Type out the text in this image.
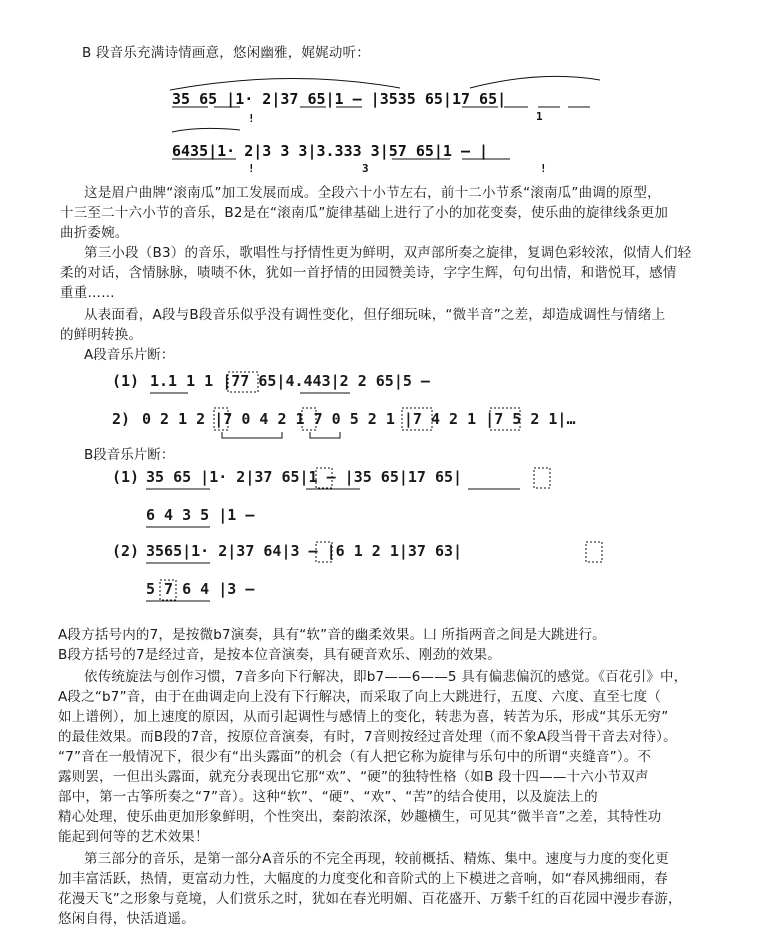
B 段音乐充满诗情画意，悠闲幽雅，娓娓动听：
35 65 |1· 2|37 65|1 — |3535 65|17 65|
!	1
6435|1· 2|3 3 3|3.333 3|57 65|1 — |
!	3	!
这是眉户曲牌“滚南瓜”加工发展而成。全段六十小节左右，前十二小节系“滚南瓜”曲调的原型，
十三至二十六小节的音乐，B2是在“滚南瓜”旋律基础上进行了小的加花变奏，使乐曲的旋律线条更加
曲折委婉。
第三小段（B3）的音乐，歌唱性与抒情性更为鲜明，双声部所奏之旋律，复调色彩较浓，似情人们轻
柔的对话，含情脉脉，啧啧不休，犹如一首抒情的田园赞美诗，字字生辉，句句出情，和谐悦耳，感情
重重……
从表面看，A段与B段音乐似乎没有调性变化，但仔细玩味，“微半音”之差，却造成调性与情绪上
的鲜明转换。
A段音乐片断：
(1) 1.1 1 1 |77 65|4.443|2 2 65|5 —
2) 0 2 1 2 |7 0 4 2 1 7 0 5 2 1 |7 4 2 1 |7 5 2 1|…
B段音乐片断：
(1) 35 65 |1· 2|37 65|1 — |35 65|17 65|
6 4 3 5 |1 —
(2) 3565|1· 2|37 64|3 — |6 1 2 1|37 63|
5 7 6 4 |3 —
A段方括号内的7，是按微b7演奏，具有“软”音的幽柔效果。凵 所指两音之间是大跳进行。
B段方括号的7是经过音，是按本位音演奏，具有硬音欢乐、刚劲的效果。
依传统旋法与创作习惯，7音多向下行解决，即b7——6——5 具有偏悲偏沉的感觉。《百花引》中，
A段之“b7”音，由于在曲调走向上没有下行解决，而采取了向上大跳进行，五度、六度、直至七度（
如上谱例），加上速度的原因，从而引起调性与感情上的变化，转悲为喜，转苦为乐，形成“其乐无穷”
的最佳效果。而B段的7音，按原位音演奏，有时，7音则按经过音处理（而不象A段当骨干音去对待）。
“7”音在一般情况下，很少有“出头露面”的机会（有人把它称为旋律与乐句中的所谓“夹缝音”）。不
露则罢，一但出头露面，就充分表现出它那“欢”、“硬”的独特性格（如B 段十四——十六小节双声
部中，第一古筝所奏之“7”音）。这种“软”、“硬”、“欢”、“苦”的结合使用，以及旋法上的
精心处理，使乐曲更加形象鲜明，个性突出，秦韵浓深，妙趣横生，可见其“微半音”之差，其特性功
能起到何等的艺术效果！
第三部分的音乐，是第一部分A音乐的不完全再现，较前概括、精炼、集中。速度与力度的变化更
加丰富活跃，热情，更富动力性，大幅度的力度变化和音阶式的上下模进之音响，如“春风拂细雨，春
花漫天飞”之形象与竟境，人们赏乐之时，犹如在春光明媚、百花盛开、万紫千红的百花园中漫步春游，
悠闲自得，快活逍遥。
